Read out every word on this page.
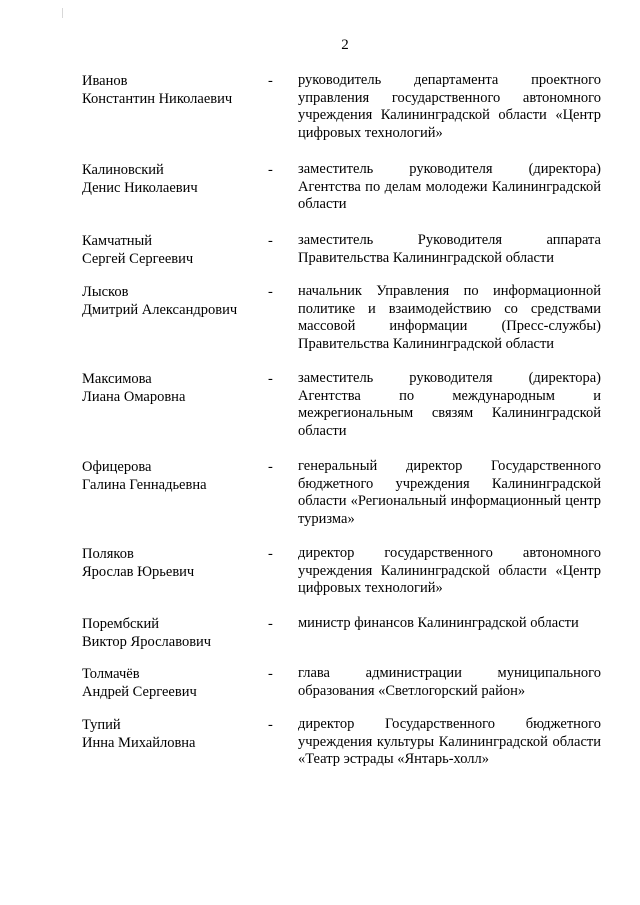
2
Иванов
Константин Николаевич
- руководитель департамента проектного управления государственного автономного учреждения Калининградской области «Центр цифровых технологий»
Калиновский
Денис Николаевич
- заместитель руководителя (директора) Агентства по делам молодежи Калининградской области
Камчатный
Сергей Сергеевич
- заместитель Руководителя аппарата Правительства Калининградской области
Лысков
Дмитрий Александрович
- начальник Управления по информационной политике и взаимодействию со средствами массовой информации (Пресс-службы) Правительства Калининградской области
Максимова
Лиана Омаровна
- заместитель руководителя (директора) Агентства по международным и межрегиональным связям Калининградской области
Офицерова
Галина Геннадьевна
- генеральный директор Государственного бюджетного учреждения Калининградской области «Региональный информационный центр туризма»
Поляков
Ярослав Юрьевич
- директор государственного автономного учреждения Калининградской области «Центр цифровых технологий»
Порембский
Виктор Ярославович
- министр финансов Калининградской области
Толмачёв
Андрей Сергеевич
- глава администрации муниципального образования «Светлогорский район»
Тупий
Инна Михайловна
- директор Государственного бюджетного учреждения культуры Калининградской области «Театр эстрады «Янтарь-холл»
